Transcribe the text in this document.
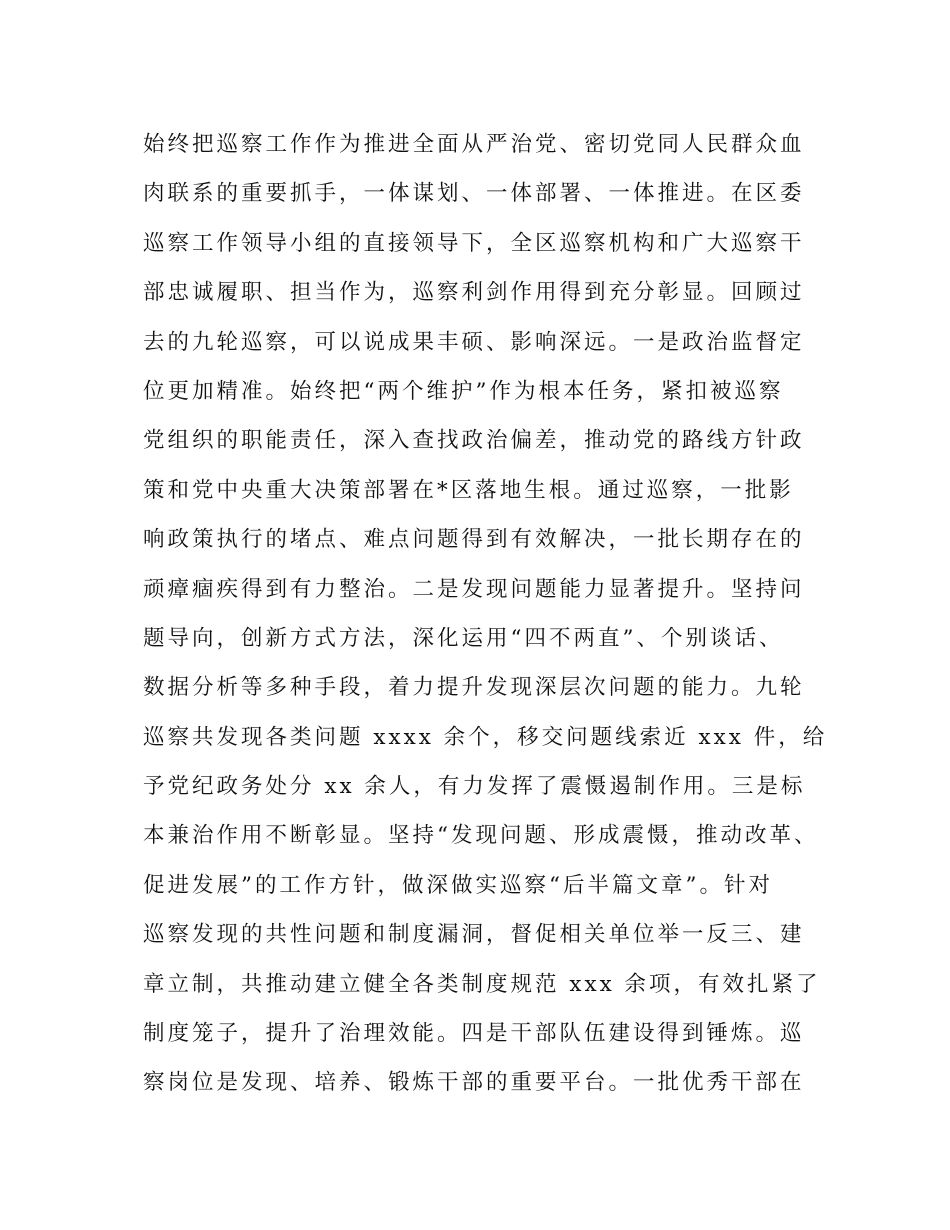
始终把巡察工作作为推进全面从严治党、密切党同人民群众血
肉联系的重要抓手，一体谋划、一体部署、一体推进。在区委
巡察工作领导小组的直接领导下，全区巡察机构和广大巡察干
部忠诚履职、担当作为，巡察利剑作用得到充分彰显。回顾过
去的九轮巡察，可以说成果丰硕、影响深远。一是政治监督定
位更加精准。始终把“两个维护”作为根本任务，紧扣被巡察
党组织的职能责任，深入查找政治偏差，推动党的路线方针政
策和党中央重大决策部署在*区落地生根。通过巡察，一批影
响政策执行的堵点、难点问题得到有效解决，一批长期存在的
顽瘴痼疾得到有力整治。二是发现问题能力显著提升。坚持问
题导向，创新方式方法，深化运用“四不两直”、个别谈话、
数据分析等多种手段，着力提升发现深层次问题的能力。九轮
巡察共发现各类问题 xxxx 余个，移交问题线索近 xxx 件，给
予党纪政务处分 xx 余人，有力发挥了震慑遏制作用。三是标
本兼治作用不断彰显。坚持“发现问题、形成震慑，推动改革、
促进发展”的工作方针，做深做实巡察“后半篇文章”。针对
巡察发现的共性问题和制度漏洞，督促相关单位举一反三、建
章立制，共推动建立健全各类制度规范 xxx 余项，有效扎紧了
制度笼子，提升了治理效能。四是干部队伍建设得到锤炼。巡
察岗位是发现、培养、锻炼干部的重要平台。一批优秀干部在
